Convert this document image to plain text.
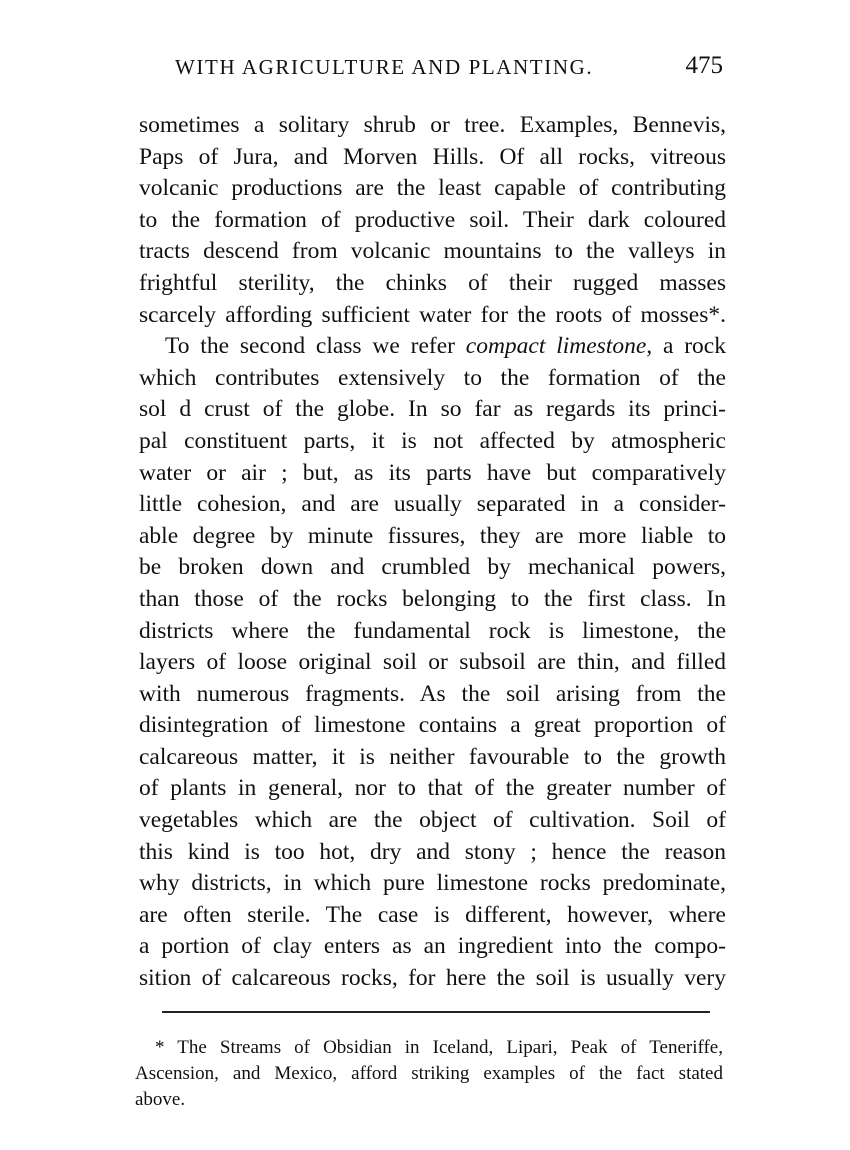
WITH AGRICULTURE AND PLANTING.	475
sometimes a solitary shrub or tree. Examples, Bennevis,
Paps of Jura, and Morven Hills. Of all rocks, vitreous
volcanic productions are the least capable of contributing
to the formation of productive soil. Their dark coloured
tracts descend from volcanic mountains to the valleys in
frightful sterility, the chinks of their rugged masses
scarcely affording sufficient water for the roots of mosses*.
To the second class we refer compact limestone, a rock
which contributes extensively to the formation of the
sol d crust of the globe. In so far as regards its princi-
pal constituent parts, it is not affected by atmospheric
water or air ; but, as its parts have but comparatively
little cohesion, and are usually separated in a consider-
able degree by minute fissures, they are more liable to
be broken down and crumbled by mechanical powers,
than those of the rocks belonging to the first class. In
districts where the fundamental rock is limestone, the
layers of loose original soil or subsoil are thin, and filled
with numerous fragments. As the soil arising from the
disintegration of limestone contains a great proportion of
calcareous matter, it is neither favourable to the growth
of plants in general, nor to that of the greater number of
vegetables which are the object of cultivation. Soil of
this kind is too hot, dry and stony ; hence the reason
why districts, in which pure limestone rocks predominate,
are often sterile. The case is different, however, where
a portion of clay enters as an ingredient into the compo-
sition of calcareous rocks, for here the soil is usually very
* The Streams of Obsidian in Iceland, Lipari, Peak of Teneriffe,
Ascension, and Mexico, afford striking examples of the fact stated
above.
